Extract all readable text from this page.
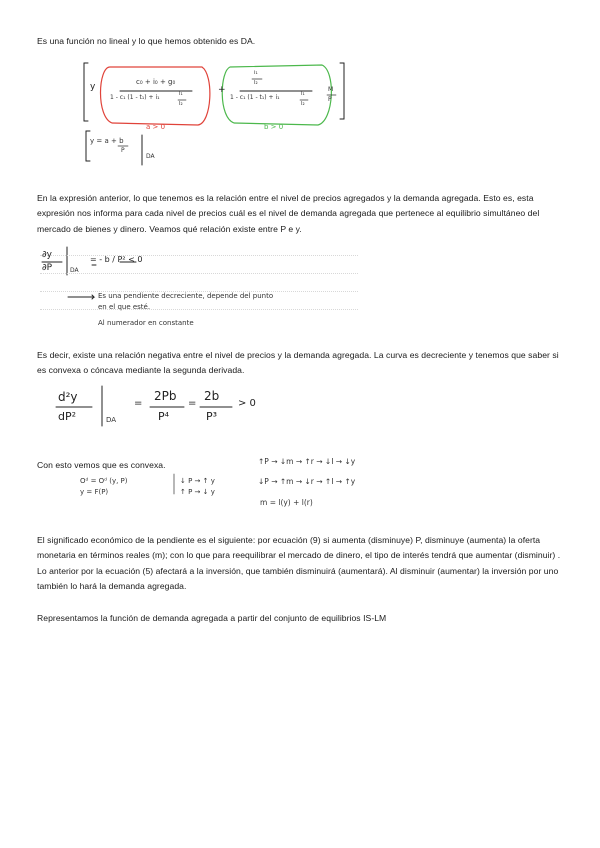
Es una función no lineal y lo que hemos obtenido es DA.
y	c₀ + i₀ + g₀
1 - c₁ (1 - t₁) + i₁	l₁
l₂
+
i₁
l₂
1 - c₁ (1 - t₁) + i₁	l₁
l₂
M
P
a > 0	b > 0
y = a + b
P
DA
En la expresión anterior, lo que tenemos es la relación entre el nivel de precios agregados y la demanda agregada. Esto es, esta expresión nos informa para cada nivel de precios cuál es el nivel de demanda agregada que pertenece al equilibrio simultáneo del mercado de bienes y dinero. Veamos qué relación existe entre P e y.
∂y
∂P	DA
= - b / P² < 0
Es una pendiente decreciente, depende del punto
en el que esté.
Al numerador en constante
Es decir, existe una relación negativa entre el nivel de precios y la demanda agregada. La curva es decreciente y tenemos que saber si es convexa o cóncava mediante la segunda derivada.
d²y
dP²	DA
=
2Pb
P⁴
=
2b
P³
> 0
Con esto vemos que es convexa.
Oᵈ = Oᵈ (y, P)
y = F(P)
↓ P → ↑ y
↑ P → ↓ y
↑P → ↓m → ↑r → ↓I → ↓y
↓P → ↑m → ↓r → ↑I → ↑y
m = l(y) + l(r)
El significado económico de la pendiente es el siguiente: por ecuación (9) si aumenta (disminuye) P, disminuye (aumenta) la oferta monetaria en términos reales (m); con lo que para reequilibrar el mercado de dinero, el tipo de interés tendrá que aumentar (disminuir) . Lo anterior por la ecuación (5) afectará a la inversión, que también disminuirá (aumentará). Al disminuir (aumentar) la inversión por uno también lo hará la demanda agregada.
Representamos la función de demanda agregada a partir del conjunto de equilibrios IS-LM
